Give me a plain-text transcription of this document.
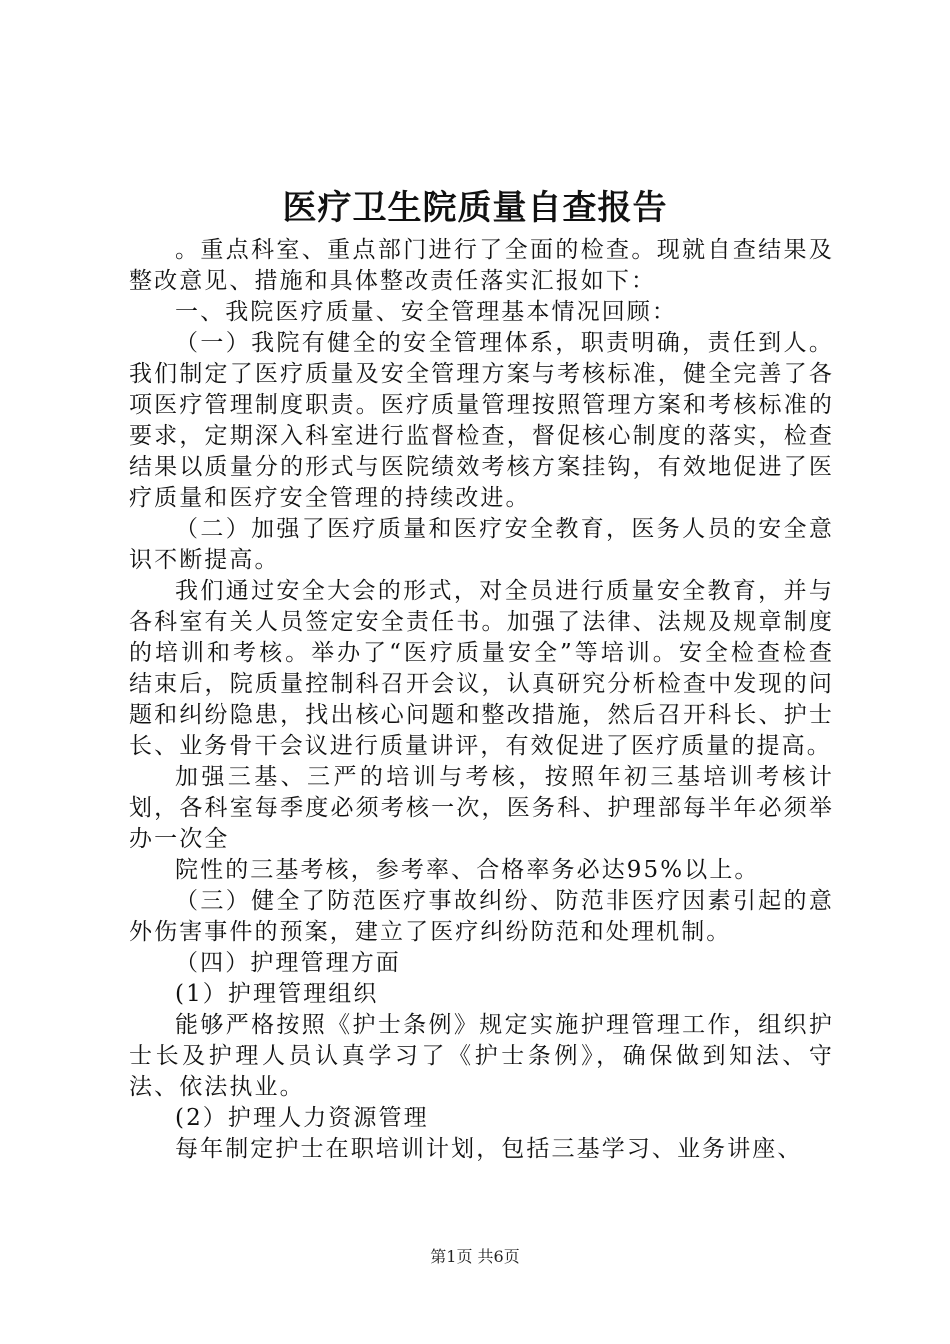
医疗卫生院质量自查报告

。重点科室、重点部门进行了全面的检查。现就自查结果及整改意见、措施和具体整改责任落实汇报如下：

一、我院医疗质量、安全管理基本情况回顾：

（一）我院有健全的安全管理体系，职责明确，责任到人。我们制定了医疗质量及安全管理方案与考核标准，健全完善了各项医疗管理制度职责。医疗质量管理按照管理方案和考核标准的要求，定期深入科室进行监督检查，督促核心制度的落实，检查结果以质量分的形式与医院绩效考核方案挂钩，有效地促进了医疗质量和医疗安全管理的持续改进。

（二）加强了医疗质量和医疗安全教育，医务人员的安全意识不断提高。

我们通过安全大会的形式，对全员进行质量安全教育，并与各科室有关人员签定安全责任书。加强了法律、法规及规章制度的培训和考核。举办了“医疗质量安全”等培训。安全检查检查结束后，院质量控制科召开会议，认真研究分析检查中发现的问题和纠纷隐患，找出核心问题和整改措施，然后召开科长、护士长、业务骨干会议进行质量讲评，有效促进了医疗质量的提高。

加强三基、三严的培训与考核，按照年初三基培训考核计划，各科室每季度必须考核一次，医务科、护理部每半年必须举办一次全

院性的三基考核，参考率、合格率务必达95%以上。

（三）健全了防范医疗事故纠纷、防范非医疗因素引起的意外伤害事件的预案，建立了医疗纠纷防范和处理机制。

（四）护理管理方面

(1）护理管理组织

能够严格按照《护士条例》规定实施护理管理工作，组织护士长及护理人员认真学习了《护士条例》，确保做到知法、守法、依法执业。

(2）护理人力资源管理

每年制定护士在职培训计划，包括三基学习、业务讲座、

第1页 共6页
